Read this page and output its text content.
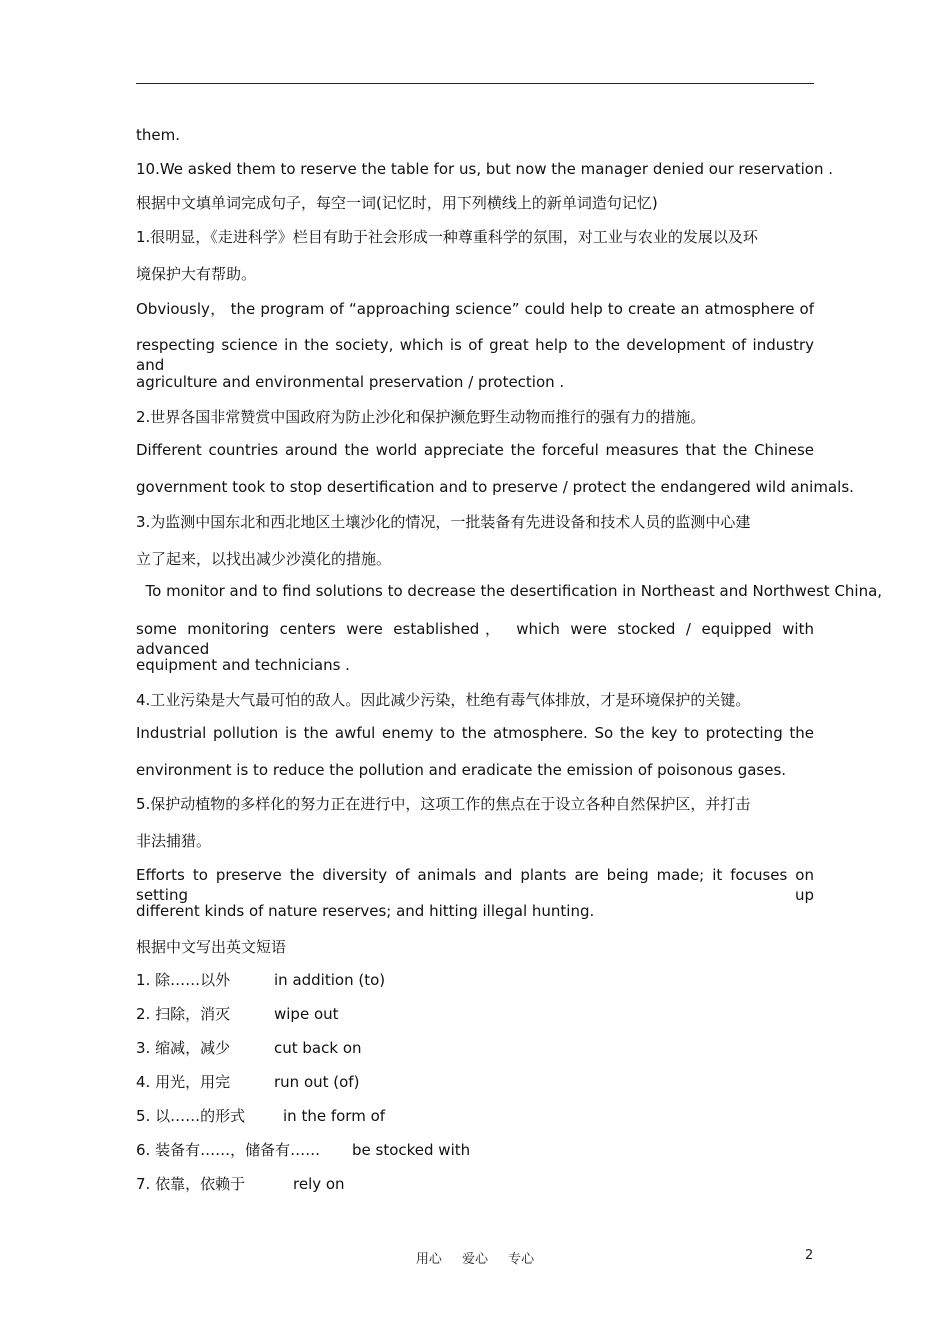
them.
10.We asked them to reserve the table for us, but now the manager denied our reservation .
根据中文填单词完成句子，每空一词(记忆时，用下列横线上的新单词造句记忆)
1.很明显，《走进科学》栏目有助于社会形成一种尊重科学的氛围，对工业与农业的发展以及环
境保护大有帮助。
Obviously， the program of “approaching science” could help to create an atmosphere of
respecting science in the society, which is of great help to the development of industry and
agriculture and environmental preservation / protection .
2.世界各国非常赞赏中国政府为防止沙化和保护濒危野生动物而推行的强有力的措施。
Different countries around the world appreciate the forceful measures that the Chinese
government took to stop desertification and to preserve / protect the endangered wild animals.
3.为监测中国东北和西北地区土壤沙化的情况，一批装备有先进设备和技术人员的监测中心建
立了起来，以找出减少沙漠化的措施。
To monitor and to find solutions to decrease the desertification in Northeast and Northwest China,
some monitoring centers were established， which were stocked / equipped with advanced
equipment and technicians .
4.工业污染是大气最可怕的敌人。因此减少污染，杜绝有毒气体排放，才是环境保护的关键。
Industrial pollution is the awful enemy to the atmosphere. So the key to protecting the
environment is to reduce the pollution and eradicate the emission of poisonous gases.
5.保护动植物的多样化的努力正在进行中，这项工作的焦点在于设立各种自然保护区，并打击
非法捕猎。
Efforts to preserve the diversity of animals and plants are being made; it focuses on setting up
different kinds of nature reserves; and hitting illegal hunting.
根据中文写出英文短语
1. 除……以外	in addition (to)
2. 扫除，消灭	wipe out
3. 缩减，减少	cut back on
4. 用光，用完	run out (of)
5. 以……的形式	in the form of
6. 装备有……，储备有…… be stocked with
7. 依靠，依赖于	rely on
用心 爱心 专心	2
